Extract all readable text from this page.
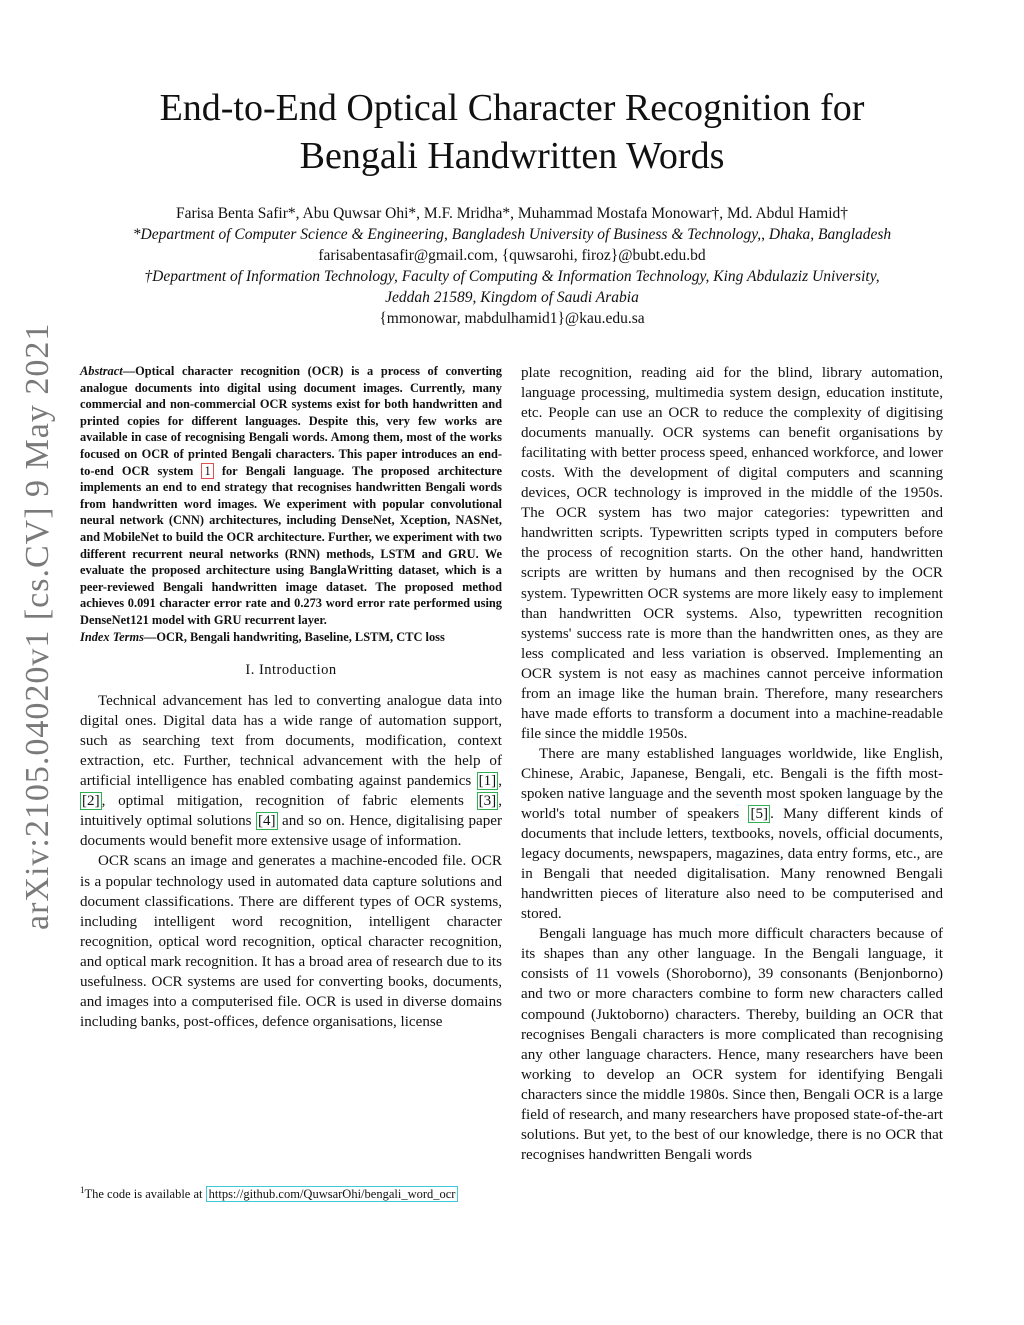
arXiv:2105.04020v1 [cs.CV] 9 May 2021
End-to-End Optical Character Recognition for
Bengali Handwritten Words
Farisa Benta Safir*, Abu Quwsar Ohi*, M.F. Mridha*, Muhammad Mostafa Monowar†, Md. Abdul Hamid†
*Department of Computer Science & Engineering, Bangladesh University of Business & Technology,, Dhaka, Bangladesh
farisabentasafir@gmail.com, {quwsarohi, firoz}@bubt.edu.bd
†Department of Information Technology, Faculty of Computing & Information Technology, King Abdulaziz University,
Jeddah 21589, Kingdom of Saudi Arabia
{mmonowar, mabdulhamid1}@kau.edu.sa

Abstract—Optical character recognition (OCR) is a process of converting analogue documents into digital using document images. Currently, many commercial and non-commercial OCR systems exist for both handwritten and printed copies for different languages. Despite this, very few works are available in case of recognising Bengali words. Among them, most of the works focused on OCR of printed Bengali characters. This paper introduces an end-to-end OCR system 1 for Bengali language. The proposed architecture implements an end to end strategy that recognises handwritten Bengali words from handwritten word images. We experiment with popular convolutional neural network (CNN) architectures, including DenseNet, Xception, NASNet, and MobileNet to build the OCR architecture. Further, we experiment with two different recurrent neural networks (RNN) methods, LSTM and GRU. We evaluate the proposed architecture using BanglaWritting dataset, which is a peer-reviewed Bengali handwritten image dataset. The proposed method achieves 0.091 character error rate and 0.273 word error rate performed using DenseNet121 model with GRU recurrent layer.

Index Terms—OCR, Bengali handwriting, Baseline, LSTM, CTC loss

I. Introduction

Technical advancement has led to converting analogue data into digital ones. Digital data has a wide range of automation support, such as searching text from documents, modification, context extraction, etc. Further, technical advancement with the help of artificial intelligence has enabled combating against pandemics [1] , [2] , optimal mitigation, recognition of fabric elements [3] , intuitively optimal solutions [4] and so on. Hence, digitalising paper documents would benefit more extensive usage of information.

OCR scans an image and generates a machine-encoded file. OCR is a popular technology used in automated data capture solutions and document classifications. There are different types of OCR systems, including intelligent word recognition, intelligent character recognition, optical word recognition, optical character recognition, and optical mark recognition. It has a broad area of research due to its usefulness. OCR systems are used for converting books, documents, and images into a computerised file. OCR is used in diverse domains including banks, post-offices, defence organisations, license

plate recognition, reading aid for the blind, library automation, language processing, multimedia system design, education institute, etc. People can use an OCR to reduce the complexity of digitising documents manually. OCR systems can benefit organisations by facilitating with better process speed, enhanced workforce, and lower costs. With the development of digital computers and scanning devices, OCR technology is improved in the middle of the 1950s. The OCR system has two major categories: typewritten and handwritten scripts. Typewritten scripts typed in computers before the process of recognition starts. On the other hand, handwritten scripts are written by humans and then recognised by the OCR system. Typewritten OCR systems are more likely easy to implement than handwritten OCR systems. Also, typewritten recognition systems' success rate is more than the handwritten ones, as they are less complicated and less variation is observed. Implementing an OCR system is not easy as machines cannot perceive information from an image like the human brain. Therefore, many researchers have made efforts to transform a document into a machine-readable file since the middle 1950s.

There are many established languages worldwide, like English, Chinese, Arabic, Japanese, Bengali, etc. Bengali is the fifth most-spoken native language and the seventh most spoken language by the world's total number of speakers [5] . Many different kinds of documents that include letters, textbooks, novels, official documents, legacy documents, newspapers, magazines, data entry forms, etc., are in Bengali that needed digitalisation. Many renowned Bengali handwritten pieces of literature also need to be computerised and stored.

Bengali language has much more difficult characters because of its shapes than any other language. In the Bengali language, it consists of 11 vowels (Shoroborno), 39 consonants (Benjonborno) and two or more characters combine to form new characters called compound (Juktoborno) characters. Thereby, building an OCR that recognises Bengali characters is more complicated than recognising any other language characters. Hence, many researchers have been working to develop an OCR system for identifying Bengali characters since the middle 1980s. Since then, Bengali OCR is a large field of research, and many researchers have proposed state-of-the-art solutions. But yet, to the best of our knowledge, there is no OCR that recognises handwritten Bengali words

$^1$The code is available at https://github.com/QuwsarOhi/bengali_word_ocr
